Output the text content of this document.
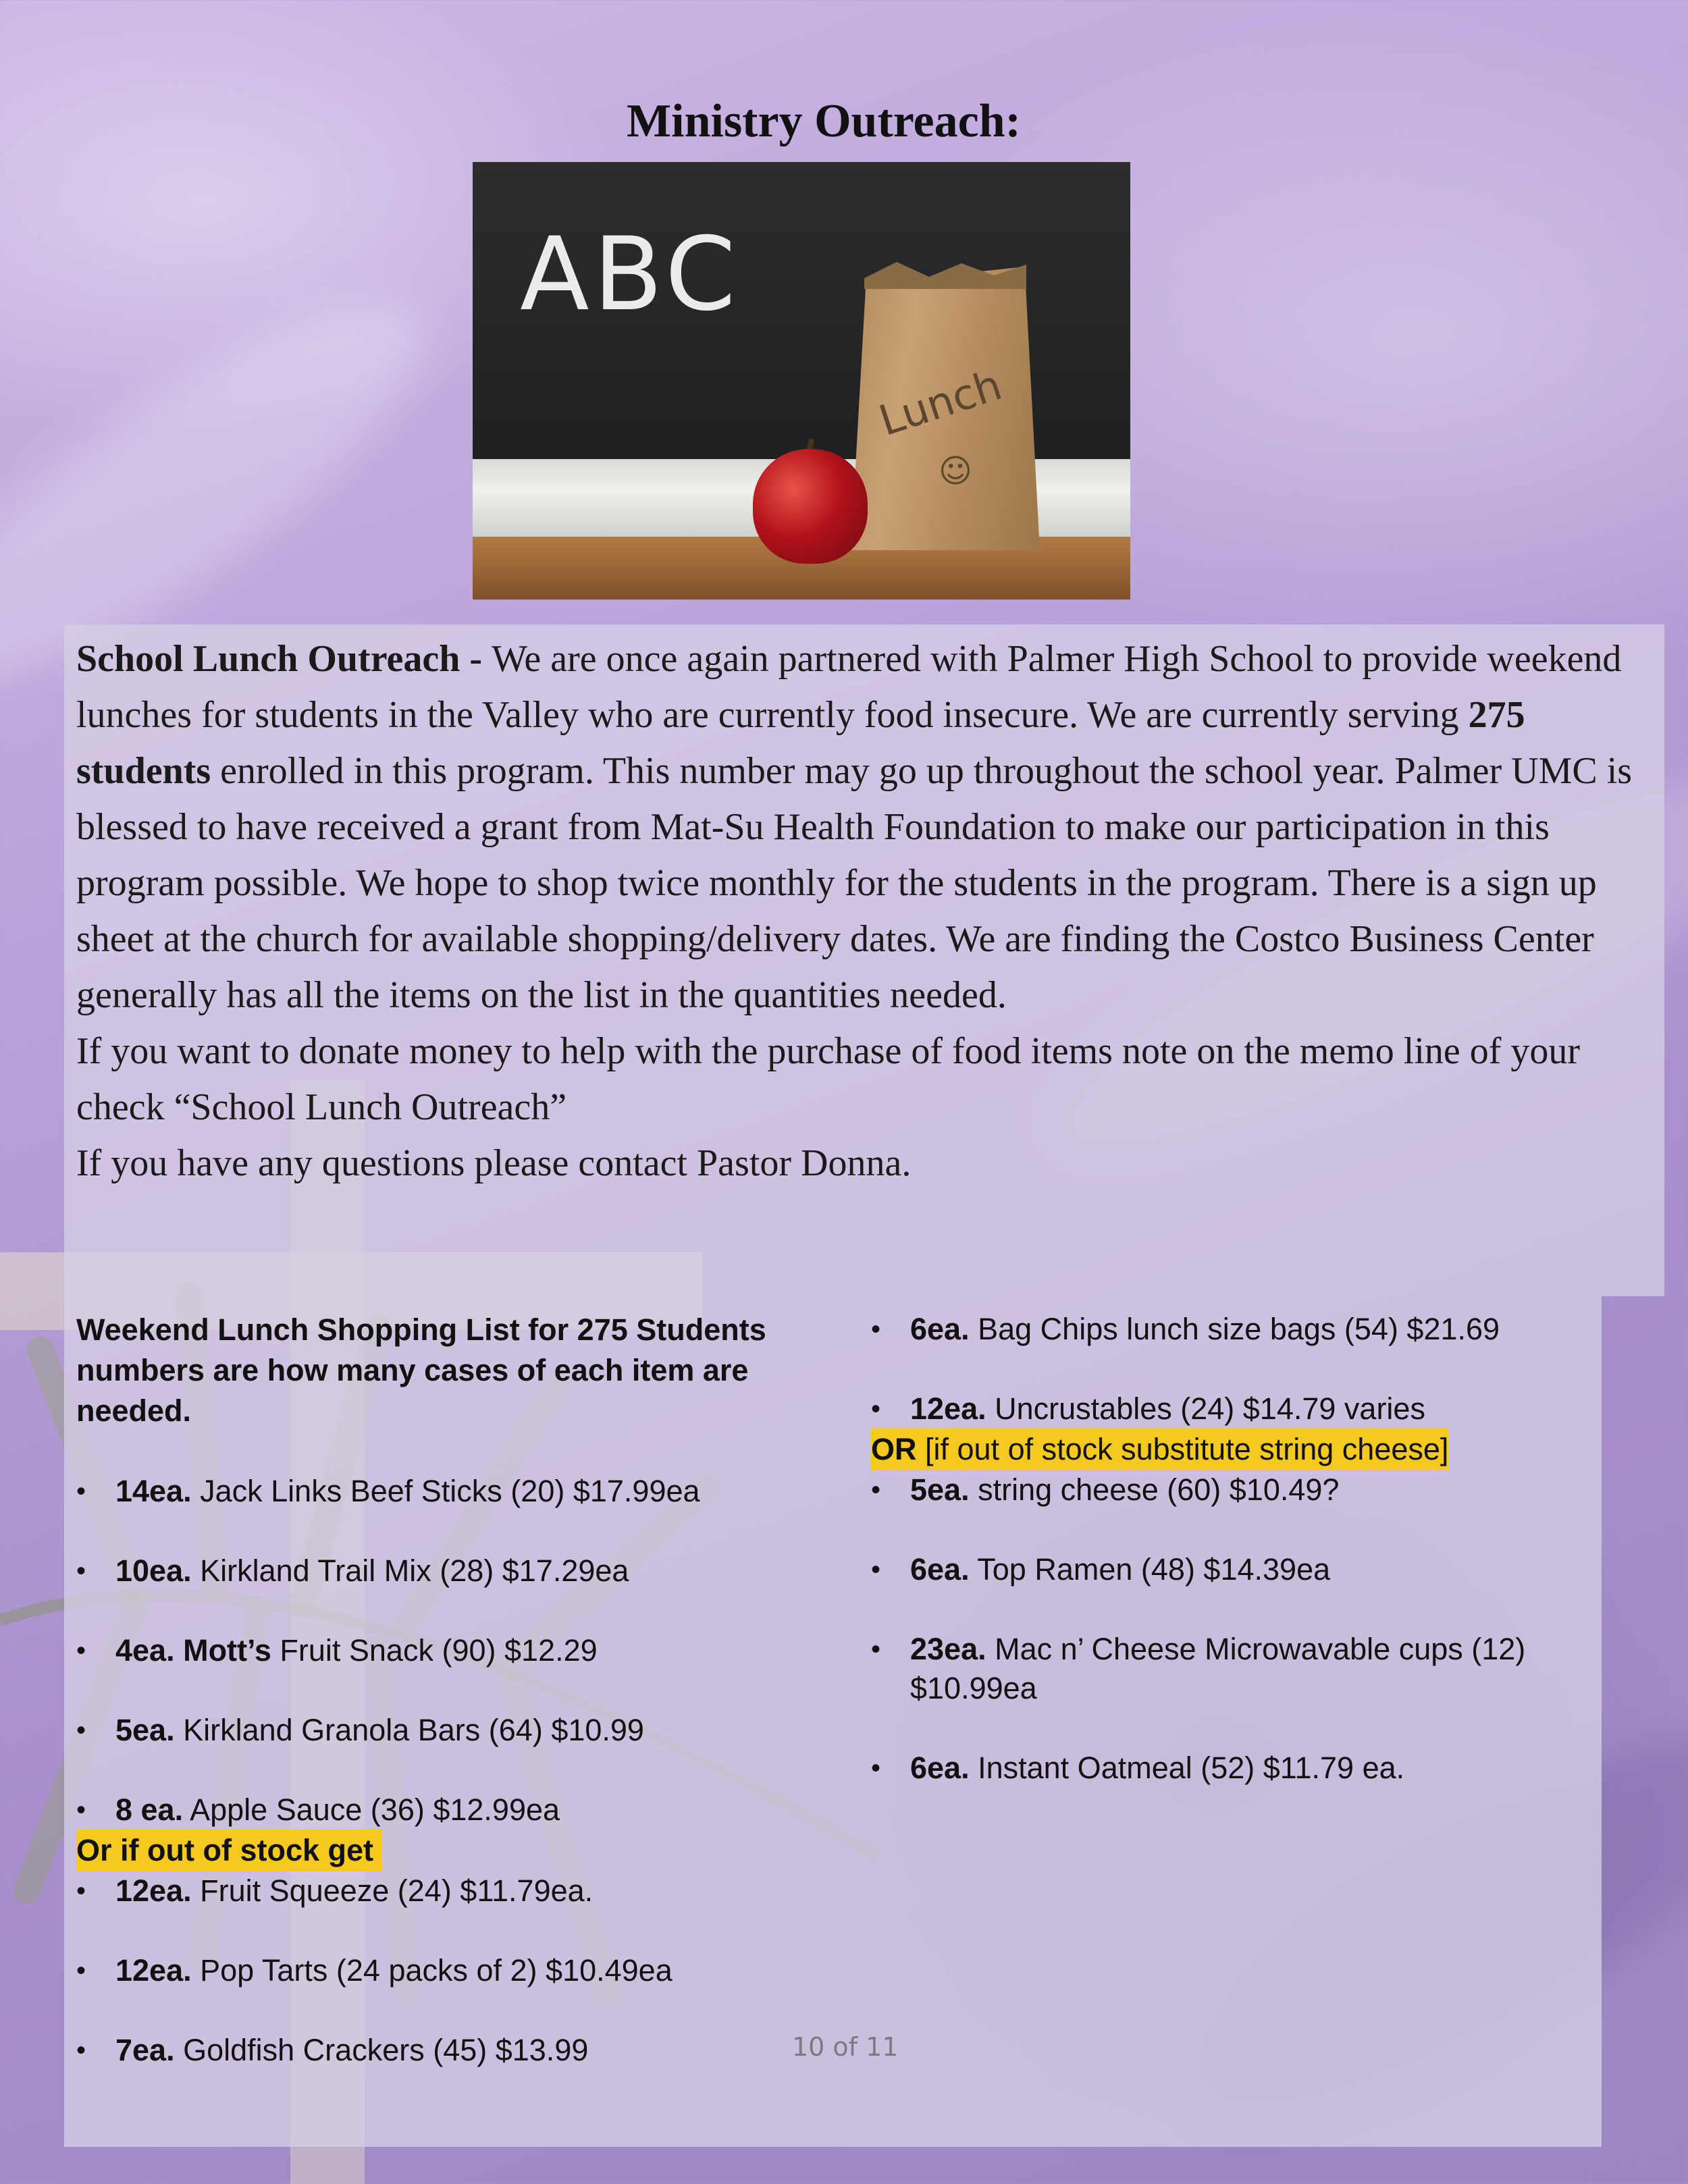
Ministry Outreach:
ABC
Lunch
☺

School Lunch Outreach - We are once again partnered with Palmer High School to provide weekend lunches for students in the Valley who are currently food insecure. We are currently serving 275 students enrolled in this program. This number may go up throughout the school year. Palmer UMC is blessed to have received a grant from Mat-Su Health Foundation to make our participation in this program possible. We hope to shop twice monthly for the students in the program. There is a sign up sheet at the church for available shopping/delivery dates. We are finding the Costco Business Center generally has all the items on the list in the quantities needed.
If you want to donate money to help with the purchase of food items note on the memo line of your check “School Lunch Outreach”
If you have any questions please contact Pastor Donna.

Weekend Lunch Shopping List for 275 Students numbers are how many cases of each item are needed.
• 14ea. Jack Links Beef Sticks (20) $17.99ea
• 10ea. Kirkland Trail Mix (28) $17.29ea
• 4ea. Mott’s Fruit Snack (90) $12.29
• 5ea. Kirkland Granola Bars (64) $10.99
• 8 ea. Apple Sauce (36) $12.99ea
Or if out of stock get
• 12ea. Fruit Squeeze (24) $11.79ea.
• 12ea. Pop Tarts (24 packs of 2) $10.49ea
• 7ea. Goldfish Crackers (45) $13.99
• 6ea. Bag Chips lunch size bags (54) $21.69
• 12ea. Uncrustables (24) $14.79 varies
OR [if out of stock substitute string cheese]
• 5ea. string cheese (60) $10.49?
• 6ea. Top Ramen (48) $14.39ea
• 23ea. Mac n’ Cheese Microwavable cups (12) $10.99ea
• 6ea. Instant Oatmeal (52) $11.79 ea.
10 of 11
